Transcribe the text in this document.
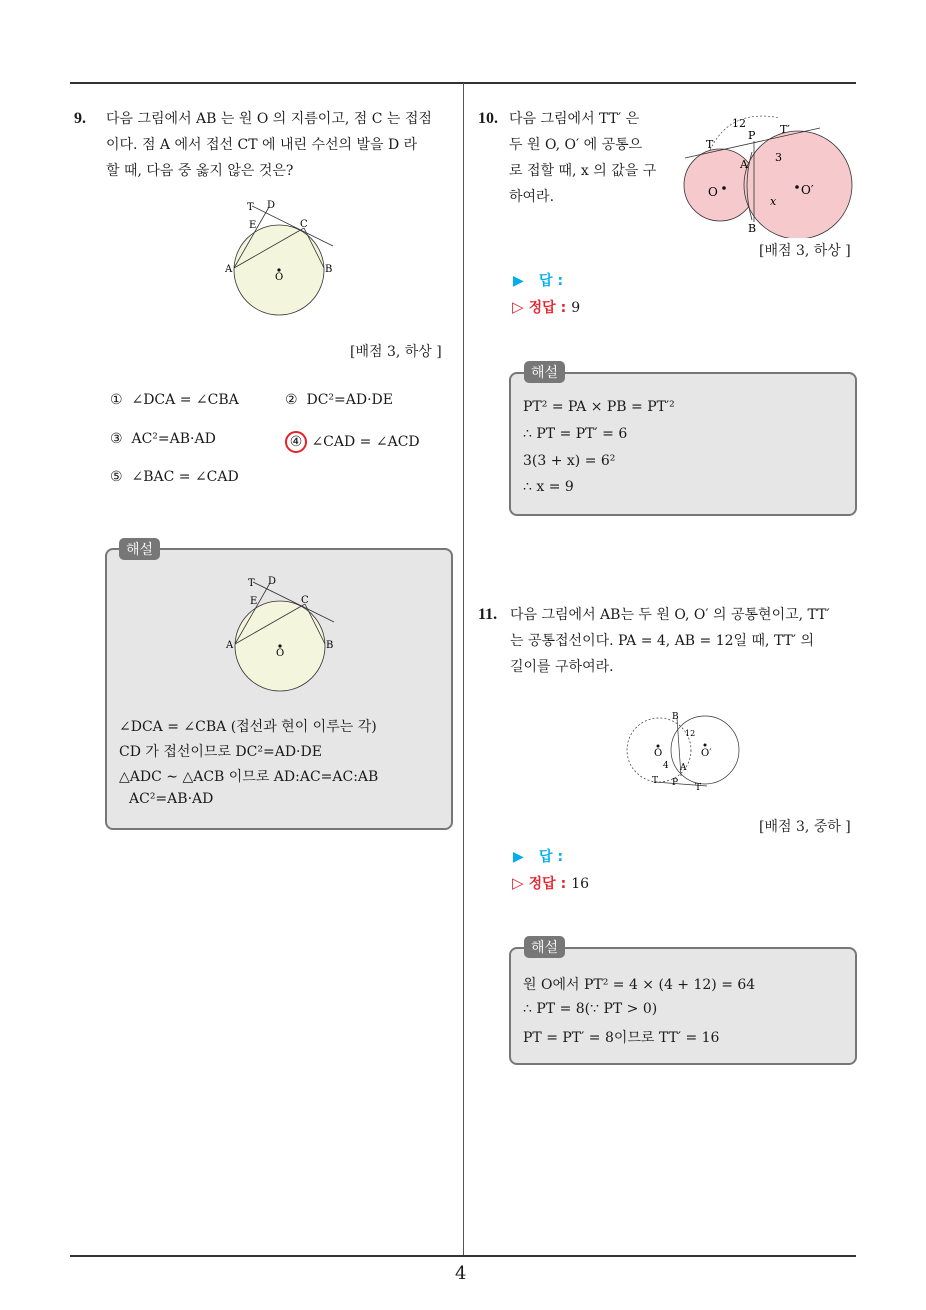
4
9. 다음 그림에서 AB 는 원 O 의 지름이고, 점 C 는 접점
이다. 점 A 에서 접선 CT 에 내린 수선의 발을 D 라
할 때, 다음 중 옳지 않은 것은?
T D
E	C
A
O
B
[배점 3, 하상 ]
① ∠DCA = ∠CBA	② DC²=AD·DE
③ AC²=AB·AD	④ ∠CAD = ∠ACD
⑤ ∠BAC = ∠CAD
T D
E	C
A
O
B
∠DCA = ∠CBA (접선과 현이 이루는 각)
CD 가 접선이므로 DC²=AD·DE
△ADC ∼ △ACB 이므로 AD:AC=AC:AB
AC²=AB·AD
해설
10. 다음 그림에서 TT′ 은
두 원 O, O′ 에 공통으
로 접할 때, x 의 값을 구
하여라.
12
P T′
T
A
3
O	O′
x
B
[배점 3, 하상 ]
▶ 답 :
▷ 정답 : 9
PT² = PA × PB = PT′²
∴ PT = PT′ = 6
3(3 + x) = 6²
∴ x = 9
해설
11. 다음 그림에서 AB는 두 원 O, O′ 의 공통현이고, TT′
는 공통접선이다. PA = 4, AB = 12일 때, TT′ 의
길이를 구하여라.
B
12
O	O′
4 A
T P T
[배점 3, 중하 ]
▶ 답 :
▷ 정답 : 16
원 O에서 PT² = 4 × (4 + 12) = 64
∴ PT = 8(∵ PT > 0)
PT = PT′ = 8이므로 TT′ = 16
해설
